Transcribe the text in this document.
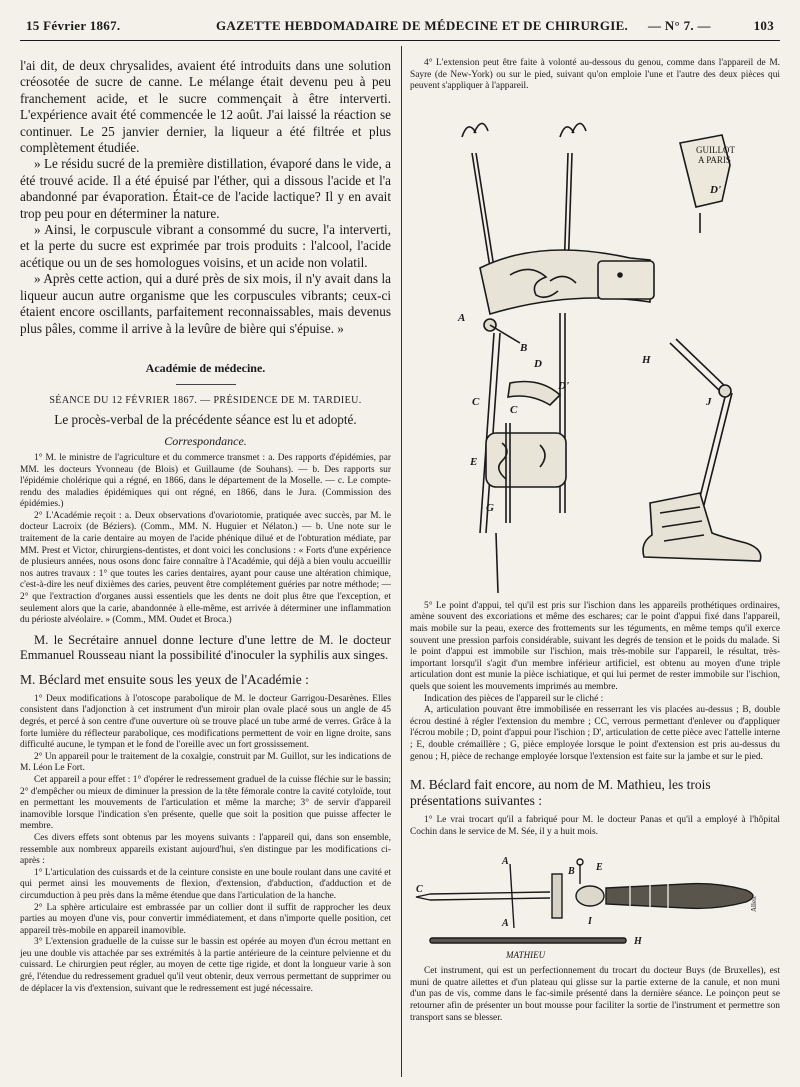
15 Février 1867.	GAZETTE HEBDOMADAIRE DE MÉDECINE ET DE CHIRURGIE. — N° 7. —	103

l'ai dit, de deux chrysalides, avaient été introduits dans une solution créosotée de sucre de canne. Le mélange était devenu peu à peu franchement acide, et le sucre commençait à être interverti. L'expérience avait été commencée le 12 août. J'ai laissé la réaction se continuer. Le 25 janvier dernier, la liqueur a été filtrée et plus complètement étudiée.

» Le résidu sucré de la première distillation, évaporé dans le vide, a été trouvé acide. Il a été épuisé par l'éther, qui a dissous l'acide et l'a abandonné par évaporation. Était-ce de l'acide lactique? Il y en avait trop peu pour en déterminer la nature.

» Ainsi, le corpuscule vibrant a consommé du sucre, l'a interverti, et la perte du sucre est exprimée par trois produits : l'alcool, l'acide acétique ou un de ses homologues voisins, et un acide non volatil.

» Après cette action, qui a duré près de six mois, il n'y avait dans la liqueur aucun autre organisme que les corpuscules vibrants; ceux-ci étaient encore oscillants, parfaitement reconnaissables, mais devenus plus pâles, comme il arrive à la levûre de bière qui s'épuise. »

Académie de médecine.
SÉANCE DU 12 FÉVRIER 1867. — PRÉSIDENCE DE M. TARDIEU.
Le procès-verbal de la précédente séance est lu et adopté.
Correspondance.

1° M. le ministre de l'agriculture et du commerce transmet : a. Des rapports d'épidémies, par MM. les docteurs Yvonneau (de Blois) et Guillaume (de Souhans). — b. Des rapports sur l'épidémie cholérique qui a régné, en 1866, dans le département de la Moselle. — c. Le compte-rendu des maladies épidémiques qui ont régné, en 1866, dans le Jura. (Commission des épidémies.)

2° L'Académie reçoit : a. Deux observations d'ovariotomie, pratiquée avec succès, par M. le docteur Lacroix (de Béziers). (Comm., MM. N. Huguier et Nélaton.) — b. Une note sur le traitement de la carie dentaire au moyen de l'acide phénique dilué et de l'obturation médiate, par MM. Prest et Victor, chirurgiens-dentistes, et dont voici les conclusions : « Forts d'une expérience de plusieurs années, nous osons donc faire connaître à l'Académie, qui déjà a bien voulu accueillir nos autres travaux : 1° que toutes les caries dentaires, ayant pour cause une altération chimique, c'est-à-dire les neuf dixièmes des caries, peuvent être complétement guéries par notre méthode; — 2° que l'extraction d'organes aussi essentiels que les dents ne doit plus être que l'exception, et seulement alors que la carie, abandonnée à elle-même, est arrivée à déterminer une inflammation du périoste alvéolaire. » (Comm., MM. Oudet et Broca.)

M. le Secrétaire annuel donne lecture d'une lettre de M. le docteur Emmanuel Rousseau niant la possibilité d'inoculer la syphilis aux singes.

M. Béclard met ensuite sous les yeux de l'Académie :

1° Deux modifications à l'otoscope parabolique de M. le docteur Garrigou-Desarènes. Elles consistent dans l'adjonction à cet instrument d'un miroir plan ovale placé sous un angle de 45 degrés, et percé à son centre d'une ouverture où se trouve placé un tube armé de verres. Grâce à la forte lumière du réflecteur parabolique, ces modifications permettent de voir en ligne droite, sans difficulté aucune, le tympan et le fond de l'oreille avec un fort grossissement.

2° Un appareil pour le traitement de la coxalgie, construit par M. Guillot, sur les indications de M. Léon Le Fort.

Cet appareil a pour effet : 1° d'opérer le redressement graduel de la cuisse fléchie sur le bassin; 2° d'empêcher ou mieux de diminuer la pression de la tête fémorale contre la cavité cotyloïde, tout en permettant les mouvements de l'articulation et même la marche; 3° de servir d'appareil inamovible lorsque l'indication s'en présente, quelle que soit la position que puisse affecter le membre.

Ces divers effets sont obtenus par les moyens suivants : l'appareil qui, dans son ensemble, ressemble aux nombreux appareils existant aujourd'hui, s'en distingue par les modifications ci-après :

1° L'articulation des cuissards et de la ceinture consiste en une boule roulant dans une cavité et qui permet ainsi les mouvements de flexion, d'extension, d'abduction, d'adduction et de circumduction à peu près dans la même étendue que dans l'articulation de la hanche.

2° La sphère articulaire est embrassée par un collier dont il suffit de rapprocher les deux parties au moyen d'une vis, pour convertir immédiatement, et dans n'importe quelle position, cet appareil très-mobile en appareil inamovible.

3° L'extension graduelle de la cuisse sur le bassin est opérée au moyen d'un écrou mettant en jeu une double vis attachée par ses extrémités à la partie antérieure de la ceinture pelvienne et du cuissard. Le chirurgien peut régler, au moyen de cette tige rigide, et dont la longueur varie à son gré, l'étendue du redressement graduel qu'il veut obtenir, deux verrous permettant de supprimer ou de déplacer la vis d'extension, suivant que le redressement est jugé nécessaire.

4° L'extension peut être faite à volonté au-dessous du genou, comme dans l'appareil de M. Sayre (de New-York) ou sur le pied, suivant qu'on emploie l'une et l'autre des deux pièces qui peuvent s'appliquer à l'appareil.

GUILLOT
A PARIS
A
B
D
D'
D'
C
C
E
G
H
J

5° Le point d'appui, tel qu'il est pris sur l'ischion dans les appareils prothétiques ordinaires, amène souvent des excoriations et même des eschares; car le point d'appui fixé dans l'appareil, mais mobile sur la peau, exerce des frottements sur les téguments, en même temps qu'il exerce souvent une pression parfois considérable, suivant les degrés de tension et le poids du malade. Si le point d'appui est immobile sur l'ischion, mais très-mobile sur l'appareil, le résultat, très-important lorsqu'il s'agit d'un membre inférieur artificiel, est obtenu au moyen d'une triple articulation dont est munie la pièce ischiatique, et qui lui permet de rester immobile sur l'ischion, quels que soient les mouvements imprimés au membre.

Indication des pièces de l'appareil sur le cliché :

A, articulation pouvant être immobilisée en resserrant les vis placées au-dessus ; B, double écrou destiné à régler l'extension du membre ; CC, verrous permettant d'enlever ou d'appliquer l'écrou mobile ; D, point d'appui pour l'ischion ; D', articulation de cette pièce avec l'attelle interne ; E, double crémaillère ; G, pièce employée lorsque le point d'extension est pris au-dessus du genou ; H, pièce de rechange employée lorsque l'extension est faite sur la jambe et sur le pied.

M. Béclard fait encore, au nom de M. Mathieu, les trois présentations suivantes :

1° Le vrai trocart qu'il a fabriqué pour M. le docteur Panas et qu'il a employé à l'hôpital Cochin dans le service de M. Sée, il y a huit mois.

C
A
A
B E
I
H
MATHIEU
Alleit

Cet instrument, qui est un perfectionnement du trocart du docteur Buys (de Bruxelles), est muni de quatre ailettes et d'un plateau qui glisse sur la partie externe de la canule, et non muni d'un pas de vis, comme dans le fac-simile présenté dans la dernière séance. Le poinçon peut se retourner afin de présenter un bout mousse pour faciliter la sortie de l'instrument et permettre son transport sans se blesser.
